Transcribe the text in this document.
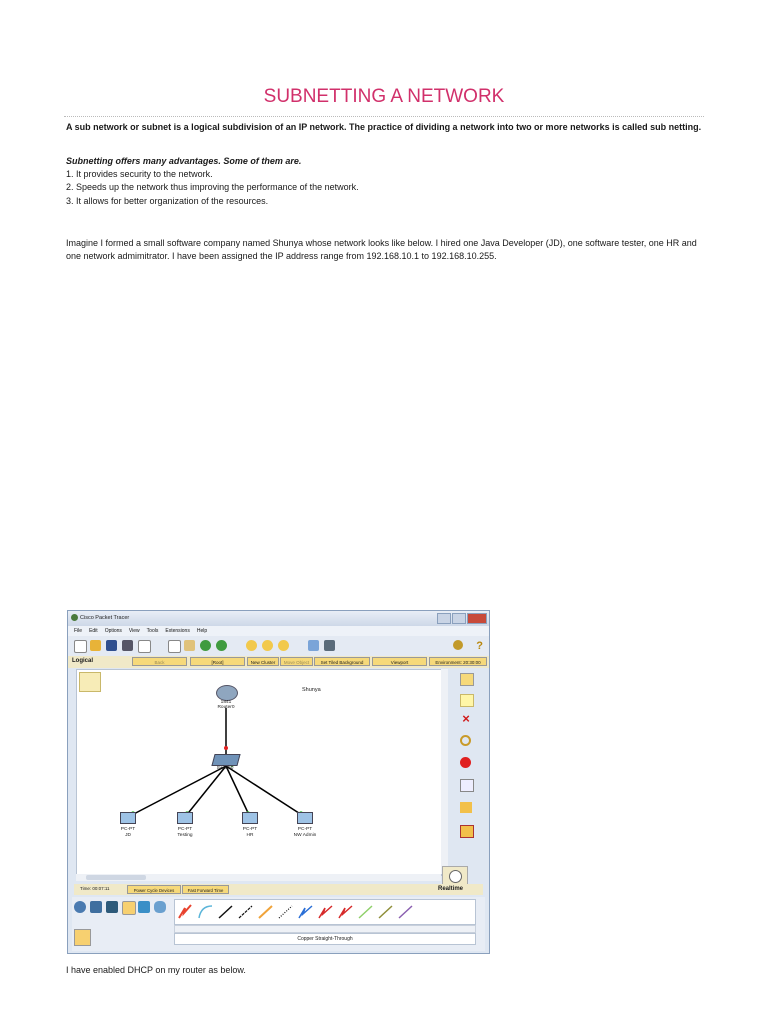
SUBNETTING A NETWORK
A sub network or subnet is a logical subdivision of an IP network. The practice of dividing a network into two or more networks is called sub netting.
Subnetting offers many advantages. Some of them are.
1. It provides security to the network.
2. Speeds up the network thus improving the performance of the network.
3. It allows for better organization of the resources.
Imagine I formed a small software company named Shunya whose network looks like below. I hired one Java Developer (JD), one software tester, one HR and one network admimitrator. I have been assigned the IP address range from 192.168.10.1 to 192.168.10.255.
Cisco Packet Tracer
File Edit Options View Tools Extensions Help
?
Logical	Back	[Root]	New Cluster	Move Object	Set Tiled Background	Viewport	Environment: 20:30:00
Shunya
1841
Router0
Switch0
PC-PT
JD
PC-PT
Testing
PC-PT
HR
PC-PT
NW Admin
×
Time: 00:07:11	Power Cycle Devices	Fast Forward Time	Realtime
Copper Straight-Through
I have enabled DHCP on my router as below.
